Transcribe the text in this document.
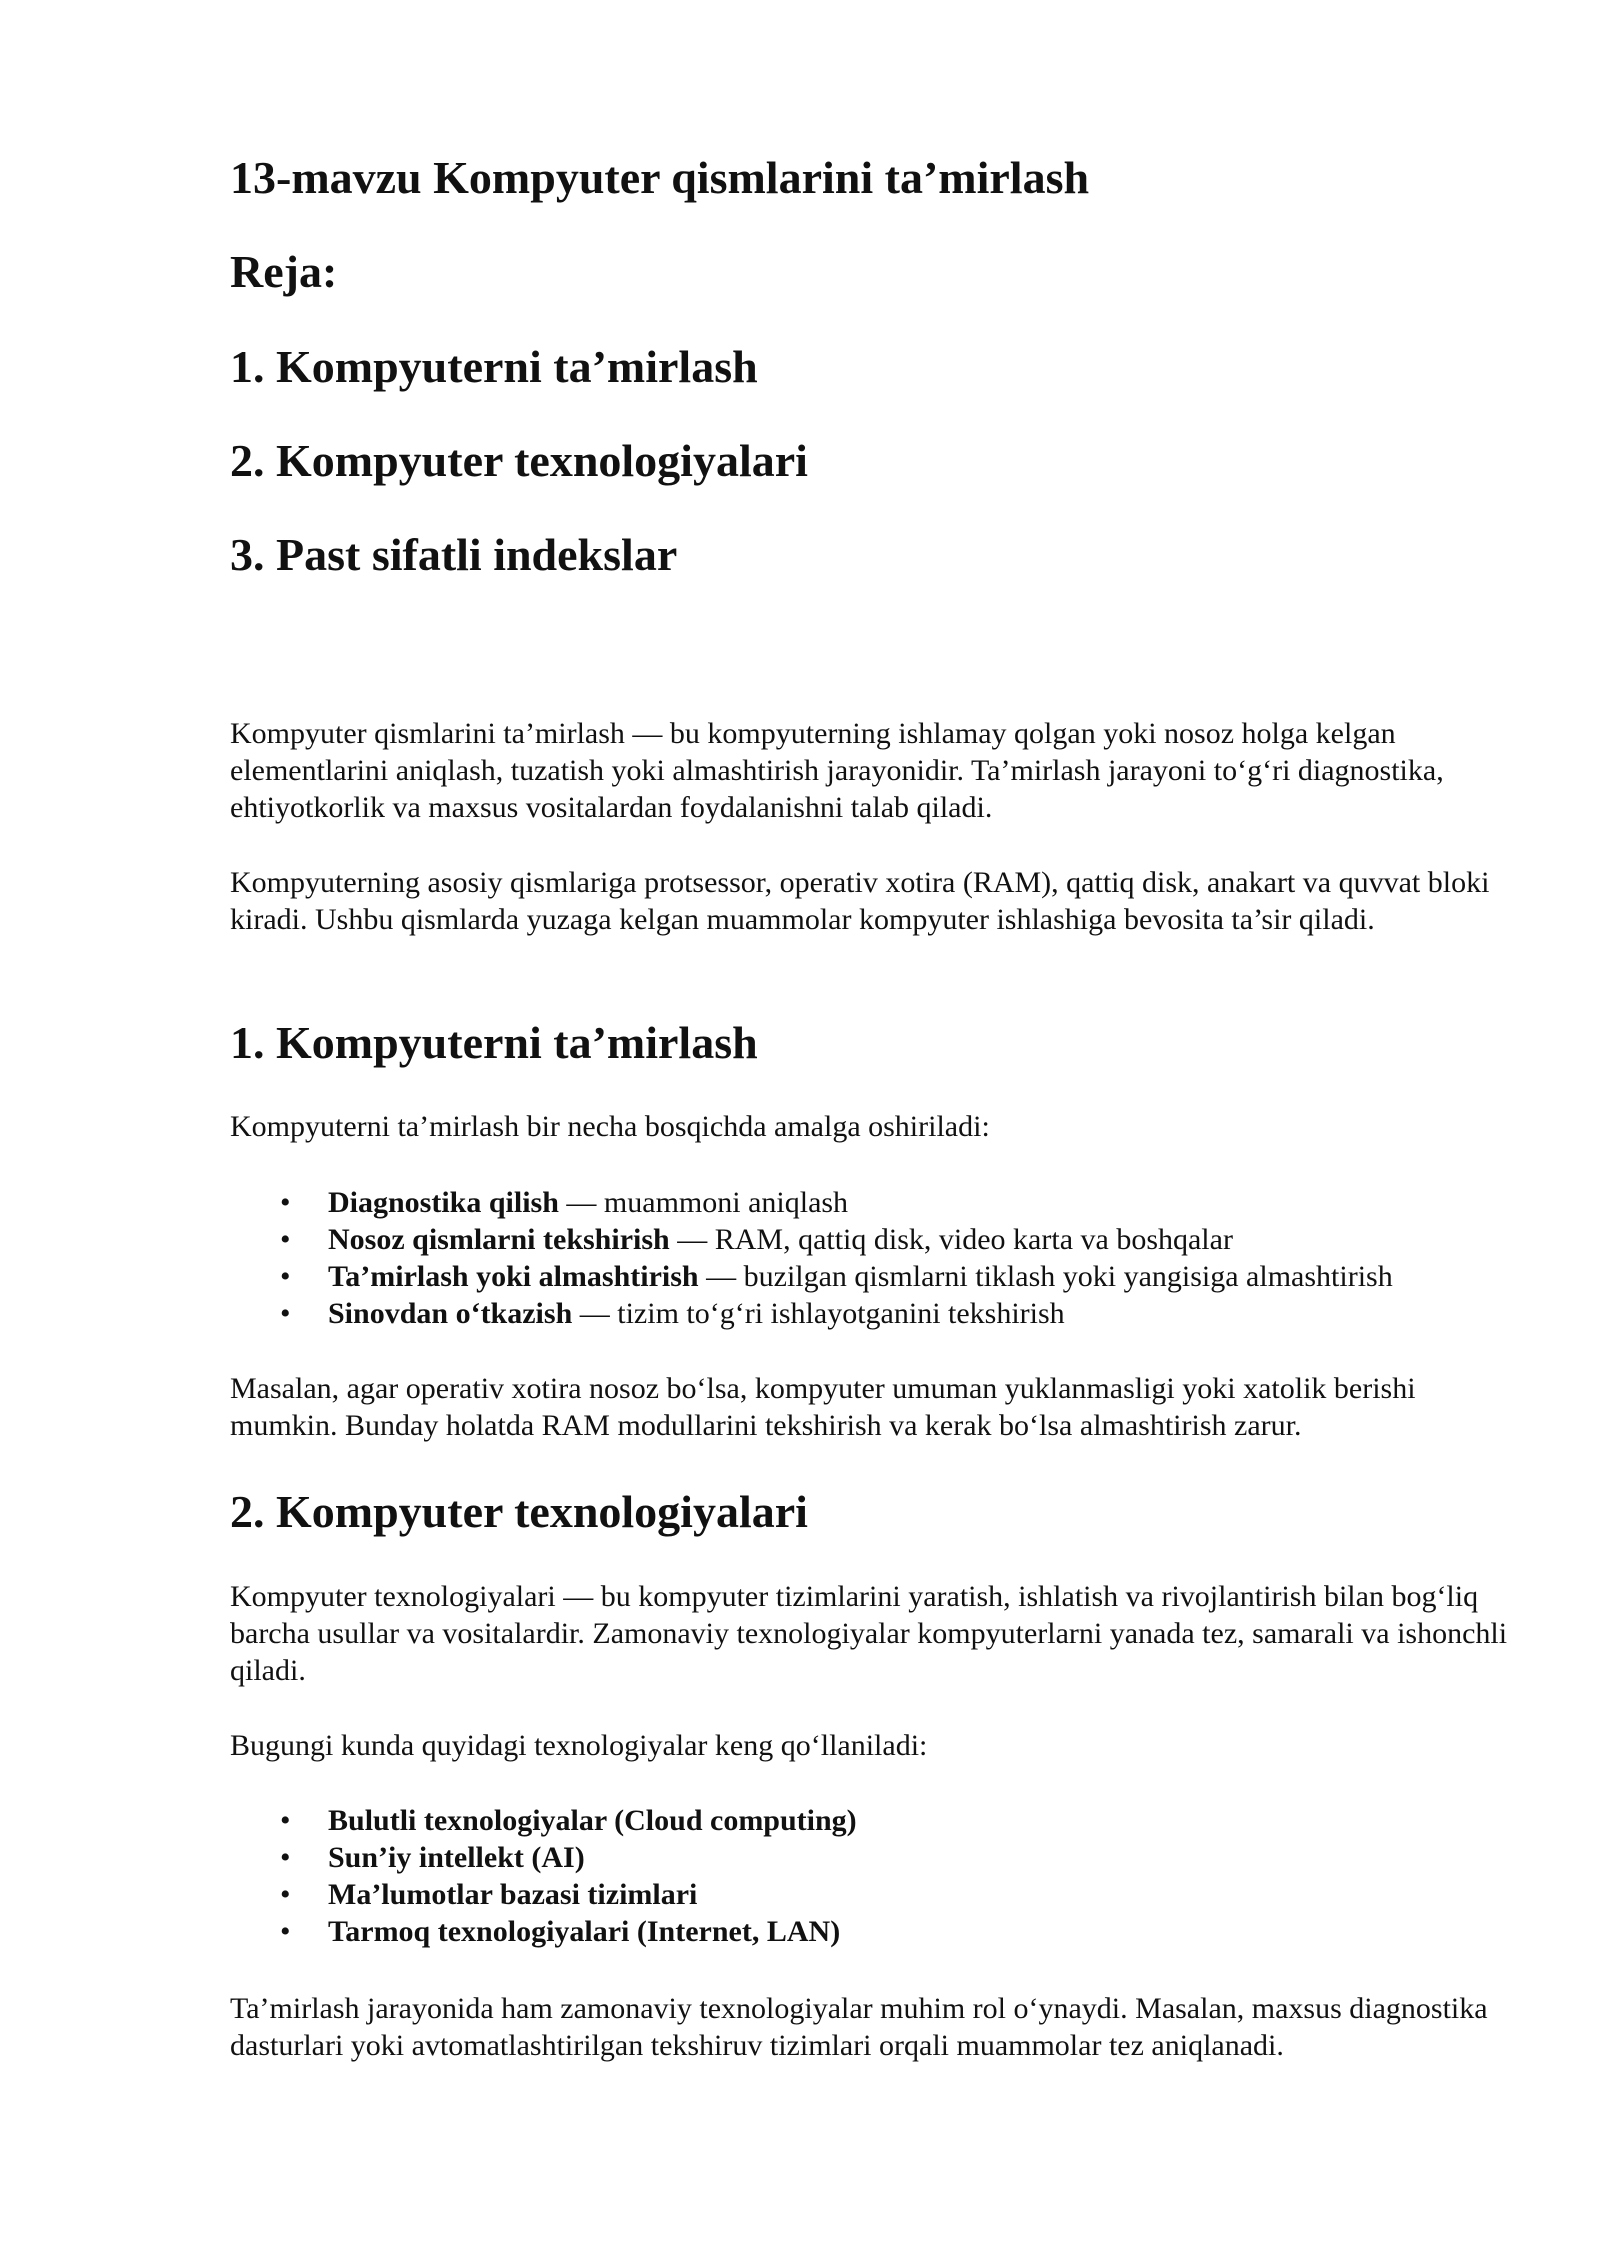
13-mavzu Kompyuter qismlarini ta’mirlash
Reja:
1. Kompyuterni ta’mirlash
2. Kompyuter texnologiyalari
3. Past sifatli indekslar

Kompyuter qismlarini ta’mirlash — bu kompyuterning ishlamay qolgan yoki nosoz holga kelgan elementlarini aniqlash, tuzatish yoki almashtirish jarayonidir. Ta’mirlash jarayoni to‘g‘ri diagnostika, ehtiyotkorlik va maxsus vositalardan foydalanishni talab qiladi.

Kompyuterning asosiy qismlariga protsessor, operativ xotira (RAM), qattiq disk, anakart va quvvat bloki kiradi. Ushbu qismlarda yuzaga kelgan muammolar kompyuter ishlashiga bevosita ta’sir qiladi.

1. Kompyuterni ta’mirlash

Kompyuterni ta’mirlash bir necha bosqichda amalga oshiriladi:

• Diagnostika qilish — muammoni aniqlash
• Nosoz qismlarni tekshirish — RAM, qattiq disk, video karta va boshqalar
• Ta’mirlash yoki almashtirish — buzilgan qismlarni tiklash yoki yangisiga almashtirish
• Sinovdan o‘tkazish — tizim to‘g‘ri ishlayotganini tekshirish

Masalan, agar operativ xotira nosoz bo‘lsa, kompyuter umuman yuklanmasligi yoki xatolik berishi mumkin. Bunday holatda RAM modullarini tekshirish va kerak bo‘lsa almashtirish zarur.

2. Kompyuter texnologiyalari

Kompyuter texnologiyalari — bu kompyuter tizimlarini yaratish, ishlatish va rivojlantirish bilan bog‘liq barcha usullar va vositalardir. Zamonaviy texnologiyalar kompyuterlarni yanada tez, samarali va ishonchli qiladi.

Bugungi kunda quyidagi texnologiyalar keng qo‘llaniladi:

• Bulutli texnologiyalar (Cloud computing)
• Sun’iy intellekt (AI)
• Ma’lumotlar bazasi tizimlari
• Tarmoq texnologiyalari (Internet, LAN)

Ta’mirlash jarayonida ham zamonaviy texnologiyalar muhim rol o‘ynaydi. Masalan, maxsus diagnostika dasturlari yoki avtomatlashtirilgan tekshiruv tizimlari orqali muammolar tez aniqlanadi.
